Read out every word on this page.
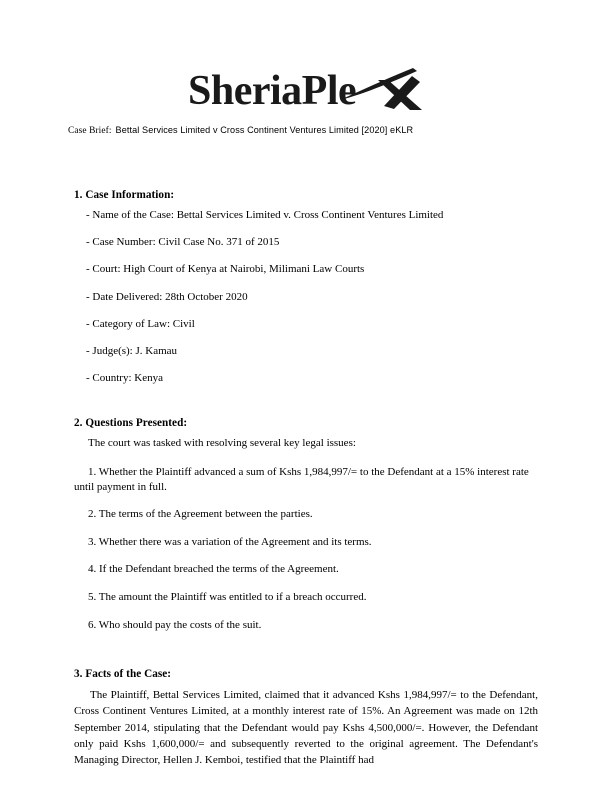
SheriaPle
Case Brief: Bettal Services Limited v Cross Continent Ventures Limited [2020] eKLR
1. Case Information:
- Name of the Case: Bettal Services Limited v. Cross Continent Ventures Limited
- Case Number: Civil Case No. 371 of 2015
- Court: High Court of Kenya at Nairobi, Milimani Law Courts
- Date Delivered: 28th October 2020
- Category of Law: Civil
- Judge(s): J. Kamau
- Country: Kenya
2. Questions Presented:

The court was tasked with resolving several key legal issues:

1. Whether the Plaintiff advanced a sum of Kshs 1,984,997/= to the Defendant at a 15% interest rate until payment in full.
2. The terms of the Agreement between the parties.
3. Whether there was a variation of the Agreement and its terms.
4. If the Defendant breached the terms of the Agreement.
5. The amount the Plaintiff was entitled to if a breach occurred.
6. Who should pay the costs of the suit.
3. Facts of the Case:

The Plaintiff, Bettal Services Limited, claimed that it advanced Kshs 1,984,997/= to the Defendant, Cross Continent Ventures Limited, at a monthly interest rate of 15%. An Agreement was made on 12th September 2014, stipulating that the Defendant would pay Kshs 4,500,000/=. However, the Defendant only paid Kshs 1,600,000/= and subsequently reverted to the original agreement. The Defendant's Managing Director, Hellen J. Kemboi, testified that the Plaintiff had
